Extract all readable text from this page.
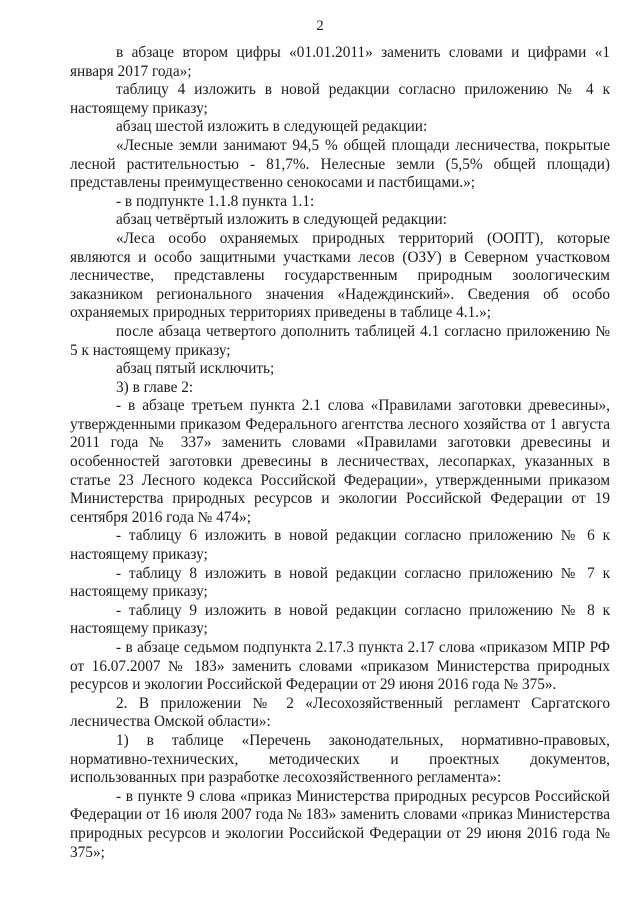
2

в абзаце втором цифры «01.01.2011» заменить словами и цифрами «1 января 2017 года»;

таблицу 4 изложить в новой редакции согласно приложению № 4 к настоящему приказу;

абзац шестой изложить в следующей редакции:

«Лесные земли занимают 94,5 % общей площади лесничества, покрытые лесной растительностью - 81,7%. Нелесные земли (5,5% общей площади) представлены преимущественно сенокосами и пастбищами.»;

- в подпункте 1.1.8 пункта 1.1:

абзац четвёртый изложить в следующей редакции:

«Леса особо охраняемых природных территорий (ООПТ), которые являются и особо защитными участками лесов (ОЗУ) в Северном участковом лесничестве, представлены государственным природным зоологическим заказником регионального значения «Надеждинский». Сведения об особо охраняемых природных территориях приведены в таблице 4.1.»;

после абзаца четвертого дополнить таблицей 4.1 согласно приложению № 5 к настоящему приказу;

абзац пятый исключить;

3) в главе 2:

- в абзаце третьем пункта 2.1 слова «Правилами заготовки древесины», утвержденными приказом Федерального агентства лесного хозяйства от 1 августа 2011 года № 337» заменить словами «Правилами заготовки древесины и особенностей заготовки древесины в лесничествах, лесопарках, указанных в статье 23 Лесного кодекса Российской Федерации», утвержденными приказом Министерства природных ресурсов и экологии Российской Федерации от 19 сентября 2016 года № 474»;

- таблицу 6 изложить в новой редакции согласно приложению № 6 к настоящему приказу;

- таблицу 8 изложить в новой редакции согласно приложению № 7 к настоящему приказу;

- таблицу 9 изложить в новой редакции согласно приложению № 8 к настоящему приказу;

- в абзаце седьмом подпункта 2.17.3 пункта 2.17 слова «приказом МПР РФ от 16.07.2007 № 183» заменить словами «приказом Министерства природных ресурсов и экологии Российской Федерации от 29 июня 2016 года № 375».

2. В приложении № 2 «Лесохозяйственный регламент Саргатского лесничества Омской области»:

1) в таблице «Перечень законодательных, нормативно-правовых, нормативно-технических, методических и проектных документов, использованных при разработке лесохозяйственного регламента»:

- в пункте 9 слова «приказ Министерства природных ресурсов Российской Федерации от 16 июля 2007 года № 183» заменить словами «приказ Министерства природных ресурсов и экологии Российской Федерации от 29 июня 2016 года № 375»;
